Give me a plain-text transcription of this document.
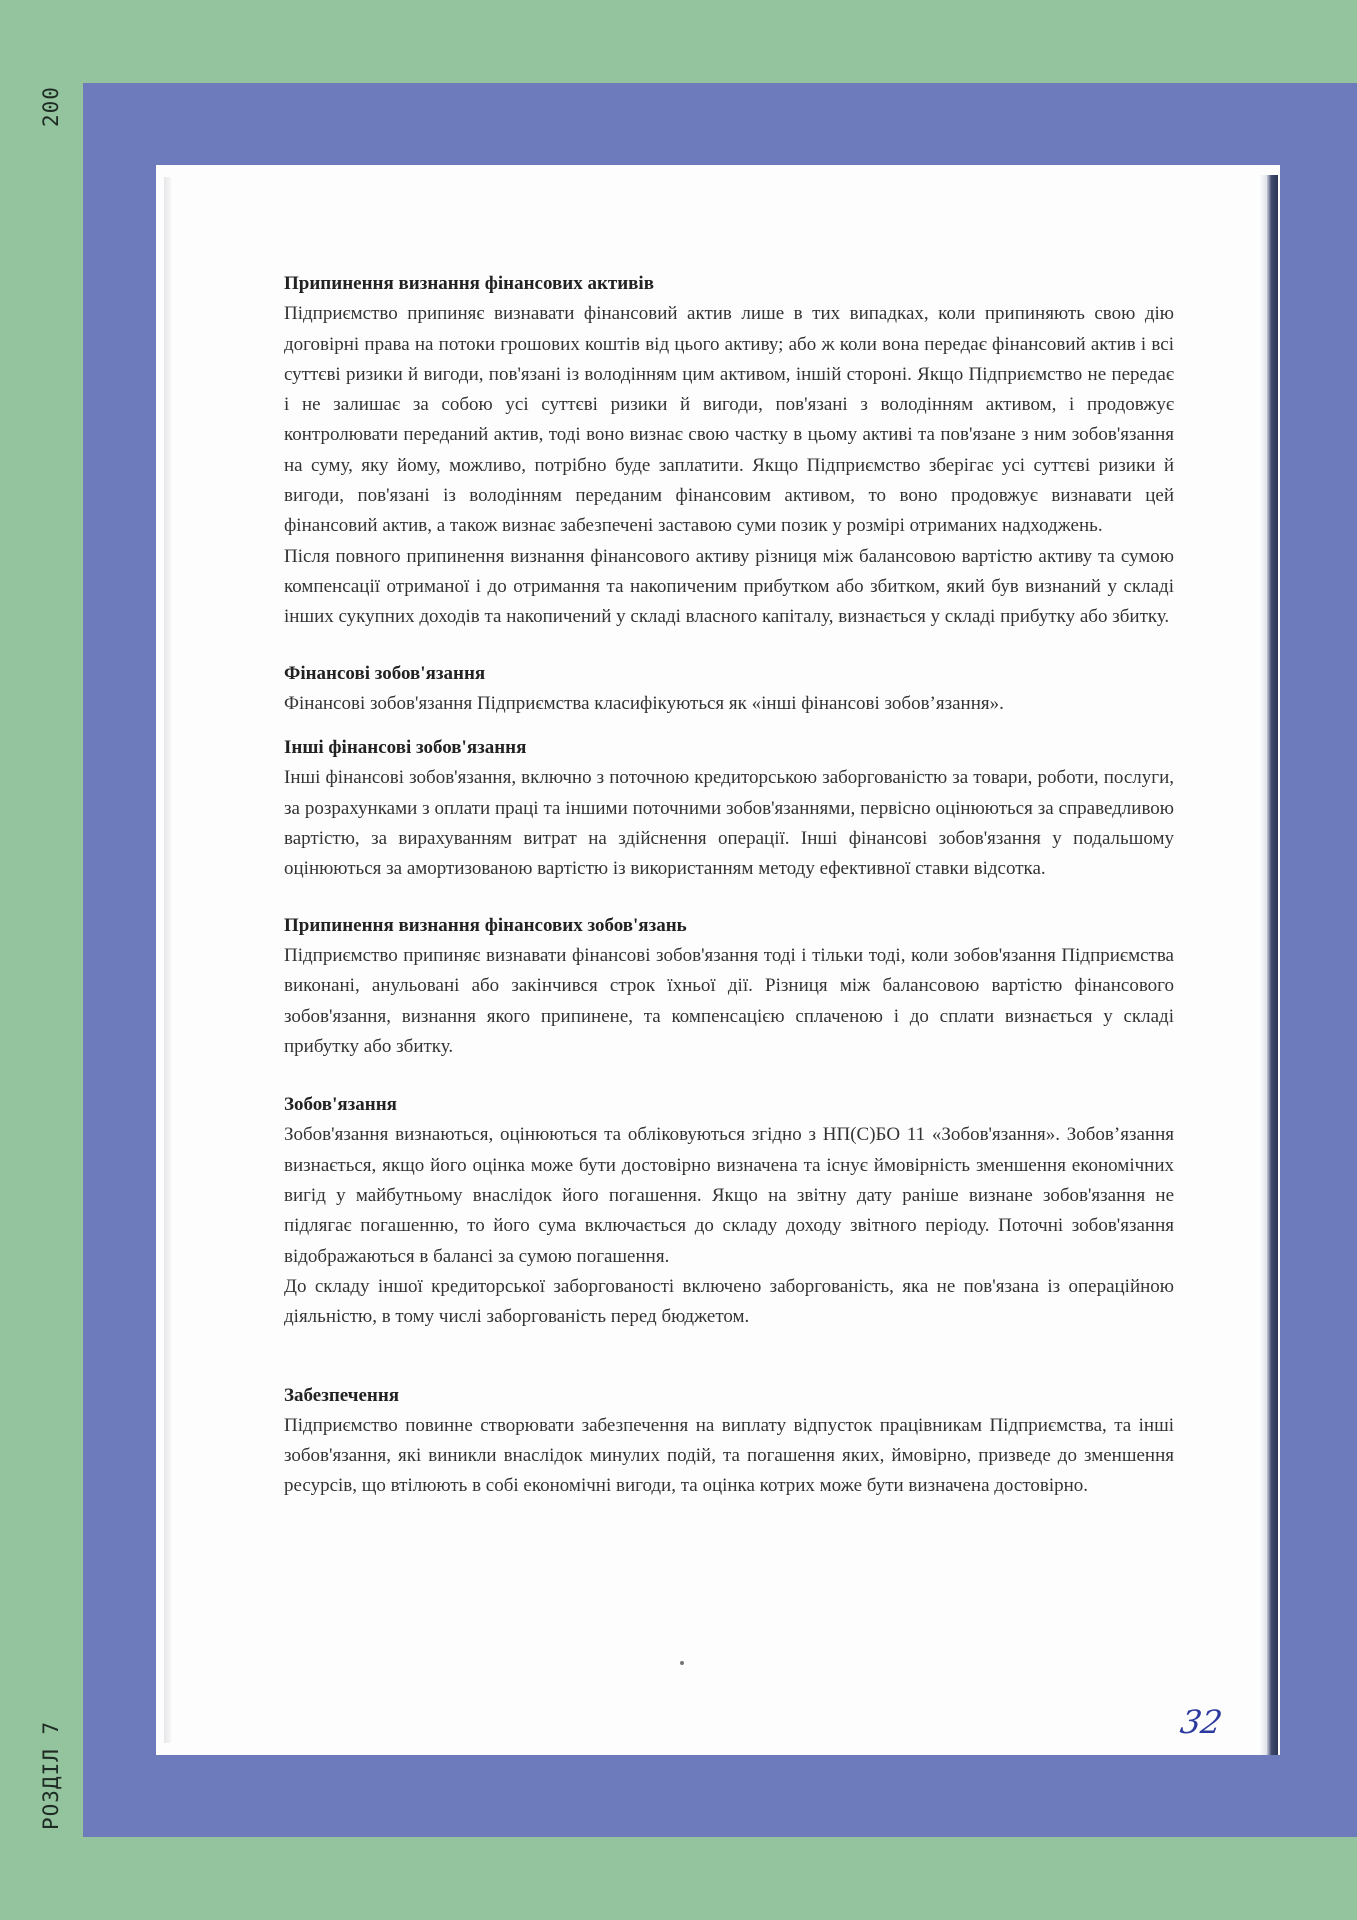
200
РОЗДІЛ 7

Припинення визнання фінансових активів

Підприємство припиняє визнавати фінансовий актив лише в тих випадках, коли припиняють свою дію договірні права на потоки грошових коштів від цього активу; або ж коли вона передає фінансовий актив і всі суттєві ризики й вигоди, пов'язані із володінням цим активом, іншій стороні. Якщо Підприємство не передає і не залишає за собою усі суттєві ризики й вигоди, пов'язані з володінням активом, і продовжує контролювати переданий актив, тоді воно визнає свою частку в цьому активі та пов'язане з ним зобов'язання на суму, яку йому, можливо, потрібно буде заплатити. Якщо Підприємство зберігає усі суттєві ризики й вигоди, пов'язані із володінням переданим фінансовим активом, то воно продовжує визнавати цей фінансовий актив, а також визнає забезпечені заставою суми позик у розмірі отриманих надходжень.

Після повного припинення визнання фінансового активу різниця між балансовою вартістю активу та сумою компенсації отриманої і до отримання та накопиченим прибутком або збитком, який був визнаний у складі інших сукупних доходів та накопичений у складі власного капіталу, визнається у складі прибутку або збитку.

Фінансові зобов'язання

Фінансові зобов'язання Підприємства класифікуються як «інші фінансові зобов’язання».

Інші фінансові зобов'язання

Інші фінансові зобов'язання, включно з поточною кредиторською заборгованістю за товари, роботи, послуги, за розрахунками з оплати праці та іншими поточними зобов'язаннями, первісно оцінюються за справедливою вартістю, за вирахуванням витрат на здійснення операції. Інші фінансові зобов'язання у подальшому оцінюються за амортизованою вартістю із використанням методу ефективної ставки відсотка.

Припинення визнання фінансових зобов'язань

Підприємство припиняє визнавати фінансові зобов'язання тоді і тільки тоді, коли зобов'язання Підприємства виконані, анульовані або закінчився строк їхньої дії. Різниця між балансовою вартістю фінансового зобов'язання, визнання якого припинене, та компенсацією сплаченою і до сплати визнається у складі прибутку або збитку.

Зобов'язання

Зобов'язання визнаються, оцінюються та обліковуються згідно з НП(С)БО 11 «Зобов'язання». Зобов’язання визнається, якщо його оцінка може бути достовірно визначена та існує ймовірність зменшення економічних вигід у майбутньому внаслідок його погашення. Якщо на звітну дату раніше визнане зобов'язання не підлягає погашенню, то його сума включається до складу доходу звітного періоду. Поточні зобов'язання відображаються в балансі за сумою погашення.

До складу іншої кредиторської заборгованості включено заборгованість, яка не пов'язана із операційною діяльністю, в тому числі заборгованість перед бюджетом.

Забезпечення

Підприємство повинне створювати забезпечення на виплату відпусток працівникам Підприємства, та інші зобов'язання, які виникли внаслідок минулих подій, та погашення яких, ймовірно, призведе до зменшення ресурсів, що втілюють в собі економічні вигоди, та оцінка котрих може бути визначена достовірно.

32
